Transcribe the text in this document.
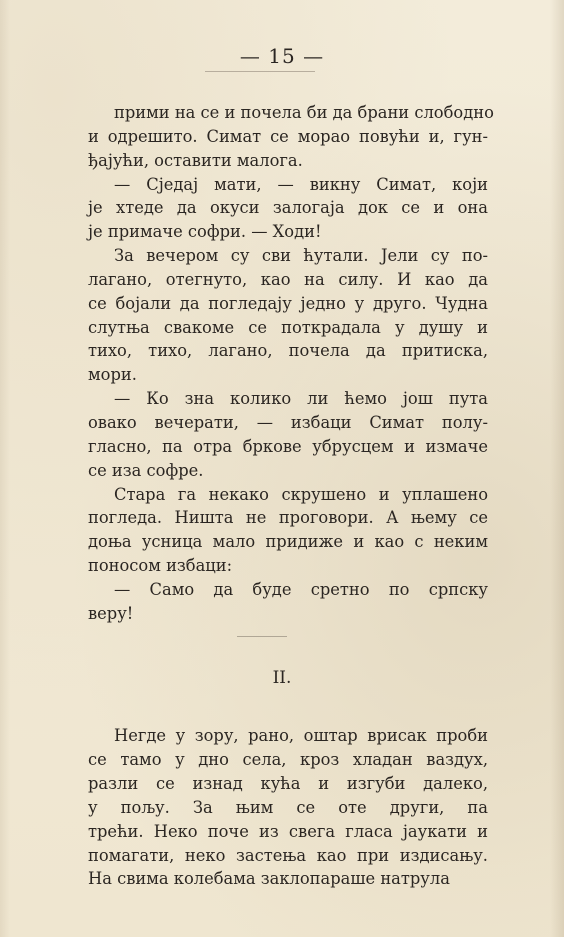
— 15 —

прими на се и почела би да брани слободно
и одрешито. Симат се морао повући и, гун-
ђајући, оставити малога.

— Сједај мати, — викну Симат, који
је хтеде да окуси залогаја док се и она
је примаче софри. — Ходи!

За вечером су сви ћутали. Јели су по-
лагано, отегнуто, као на силу. И као да
се бојали да погледају једно у друго. Чудна
слутња свакоме се поткрадала у душу и
тихо, тихо, лагано, почела да притиска,
мори.

— Ко зна колико ли ћемо још пута
овако вечерати, — избаци Симат полу-
гласно, па отра бркове убрусцем и измаче
се иза софре.

Стара га некако скрушено и уплашено
погледа. Ништа не проговори. А њему се
доња усница мало придиже и као с неким
поносом избаци:

— Само да буде сретно по српску
веру!

II.

Негде у зору, рано, оштар врисак проби
се тамо у дно села, кроз хладан ваздух,
разли се изнад кућа и изгуби далеко,
у пољу. За њим се оте други, па
трећи. Неко поче из свега гласа јаукати и
помагати, неко застења као при издисању.
На свима колебама заклопараше натрула
